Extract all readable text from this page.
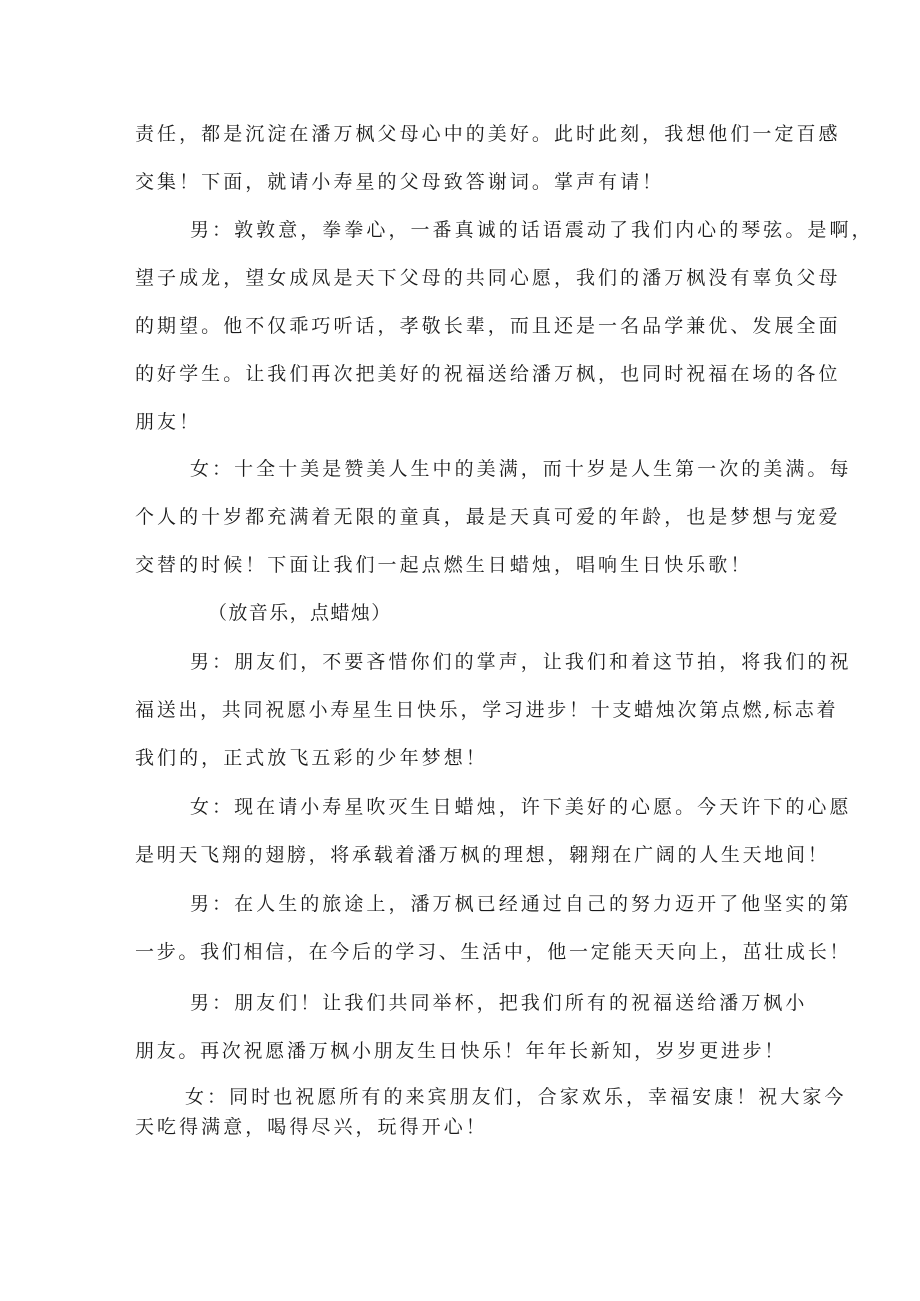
责任，都是沉淀在潘万枫父母心中的美好。此时此刻，我想他们一定百感
交集！下面，就请小寿星的父母致答谢词。掌声有请！
男：敦敦意，拳拳心，一番真诚的话语震动了我们内心的琴弦。是啊，
望子成龙，望女成凤是天下父母的共同心愿，我们的潘万枫没有辜负父母
的期望。他不仅乖巧听话，孝敬长辈，而且还是一名品学兼优、发展全面
的好学生。让我们再次把美好的祝福送给潘万枫，也同时祝福在场的各位
朋友！
女：十全十美是赞美人生中的美满，而十岁是人生第一次的美满。每
个人的十岁都充满着无限的童真，最是天真可爱的年龄，也是梦想与宠爱
交替的时候！下面让我们一起点燃生日蜡烛，唱响生日快乐歌！
（放音乐，点蜡烛）
男：朋友们，不要吝惜你们的掌声，让我们和着这节拍，将我们的祝
福送出，共同祝愿小寿星生日快乐，学习进步！十支蜡烛次第点燃,标志着
我们的，正式放飞五彩的少年梦想！
女：现在请小寿星吹灭生日蜡烛，许下美好的心愿。今天许下的心愿
是明天飞翔的翅膀，将承载着潘万枫的理想，翱翔在广阔的人生天地间！
男：在人生的旅途上，潘万枫已经通过自己的努力迈开了他坚实的第
一步。我们相信，在今后的学习、生活中，他一定能天天向上，茁壮成长！
男：朋友们！让我们共同举杯，把我们所有的祝福送给潘万枫小
朋友。再次祝愿潘万枫小朋友生日快乐！年年长新知，岁岁更进步！
女：同时也祝愿所有的来宾朋友们，合家欢乐，幸福安康！祝大家今
天吃得满意，喝得尽兴，玩得开心！
